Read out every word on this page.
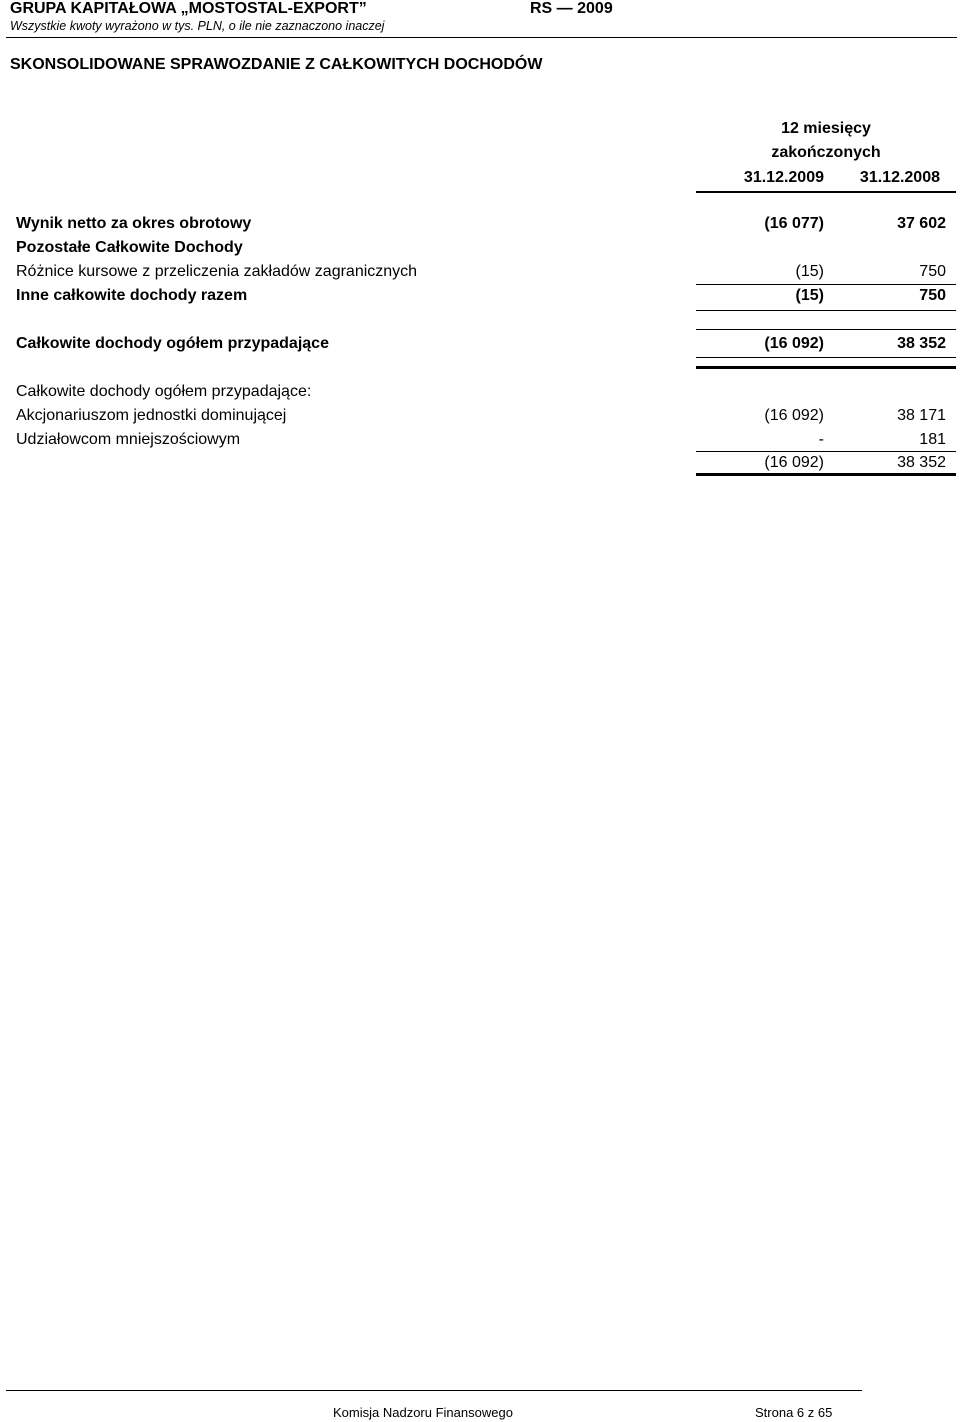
GRUPA KAPITAŁOWA „MOSTOSTAL-EXPORT”
Wszystkie kwoty wyrażono w tys. PLN, o ile nie zaznaczono inaczej
RS — 2009
SKONSOLIDOWANE SPRAWOZDANIE Z CAŁKOWITYCH DOCHODÓW
12 miesięcy
zakończonych
31.12.2009	31.12.2008
Wynik netto za okres obrotowy	(16 077)	37 602
Pozostałe Całkowite Dochody
Różnice kursowe z przeliczenia zakładów zagranicznych	(15)	750
Inne całkowite dochody razem	(15)	750
Całkowite dochody ogółem przypadające	(16 092)	38 352
Całkowite dochody ogółem przypadające:
Akcjonariuszom jednostki dominującej	(16 092)	38 171
Udziałowcom mniejszościowym	-	181
(16 092)	38 352
Komisja Nadzoru Finansowego	Strona 6 z 65
